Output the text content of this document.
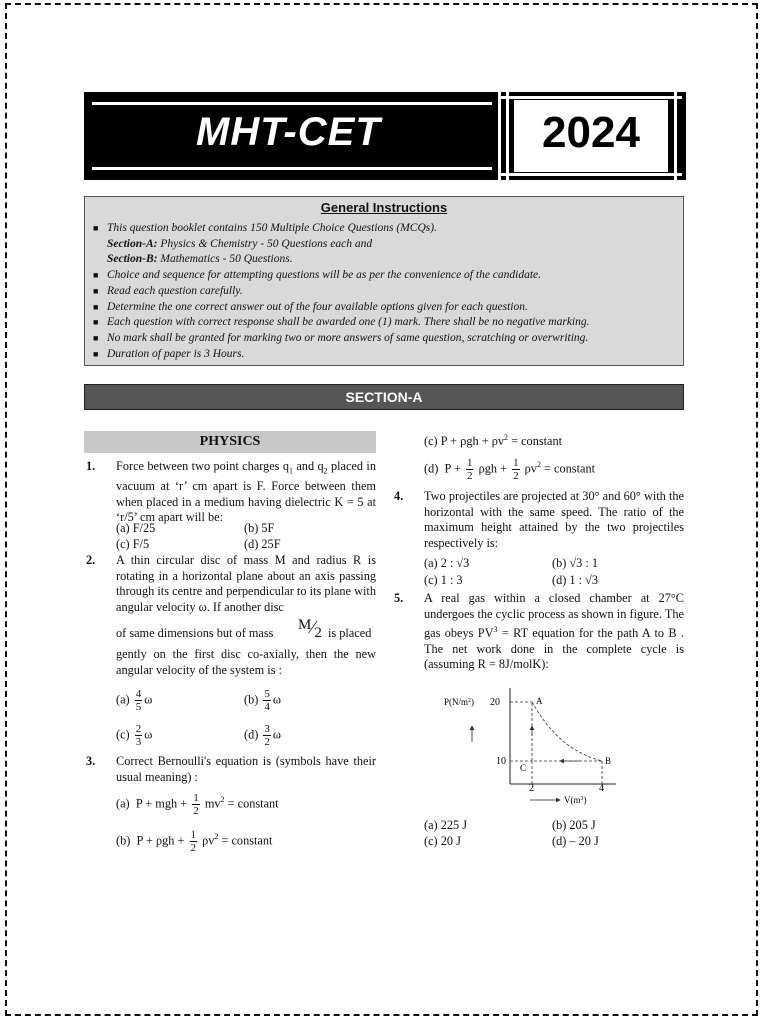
MHT-CET	2024
General Instructions
■ This question booklet contains 150 Multiple Choice Questions (MCQs).
Section-A: Physics & Chemistry - 50 Questions each and
Section-B: Mathematics - 50 Questions.
■ Choice and sequence for attempting questions will be as per the convenience of the candidate.
■ Read each question carefully.
■ Determine the one correct answer out of the four available options given for each question.
■ Each question with correct response shall be awarded one (1) mark. There shall be no negative marking.
■ No mark shall be granted for marking two or more answers of same question, scratching or overwriting.
■ Duration of paper is 3 Hours.
SECTION-A
PHYSICS
1. Force between two point charges $q_1$ and $q_2$ placed in vacuum at ‘r’ cm apart is F. Force between them when placed in a medium having dielectric K = 5 at ‘r/5’ cm apart will be:
(a) F/25	(b) 5F
(c) F/5	(d) 25F
2. A thin circular disc of mass M and radius R is rotating in a horizontal plane about an axis passing through its centre and perpendicular to its plane with angular velocity ω. If another disc
of same dimensions but of mass M⁄2 is placed
gently on the first disc co-axially, then the new angular velocity of the system is :
$(a) \frac{4}{5}$ ω	$(b) \frac{5}{4}$ ω
$(c) \frac{2}{3}$ ω	$(d) \frac{3}{2}$ ω
3. Correct Bernoulli's equation is (symbols have their usual meaning) :
(a) P + mgh + $\frac{1}{2} mv^2$ = constant
(b) $P + \rho gh + \frac{1}{2} \rho v^2$ = constant
(c) $P + \rho gh + \rho v^2$ = constant
(d) $P + \frac{1}{2}$ $\rho gh + \frac{1}{2} \rho v^2$ = constant
4. Two projectiles are projected at 30° and 60° with the horizontal with the same speed. The ratio of the maximum height attained by the two projectiles respectively is:
(a) 2 : √3	(b) √3 : 1
(c) 1 : 3	(d) 1 : √3
5. A real gas within a closed chamber at 27°C undergoes the cyclic process as shown in figure. The gas obeys $PV^3$ = RT equation for the path A to B . The net work done in the complete cycle is (assuming R = 8J/molK):
$P(N/m^2)$ 20
10
2	4
$V(m^3)$
A
B
C
(a) 225 J	(b) 205 J
(c) 20 J	(d) – 20 J
